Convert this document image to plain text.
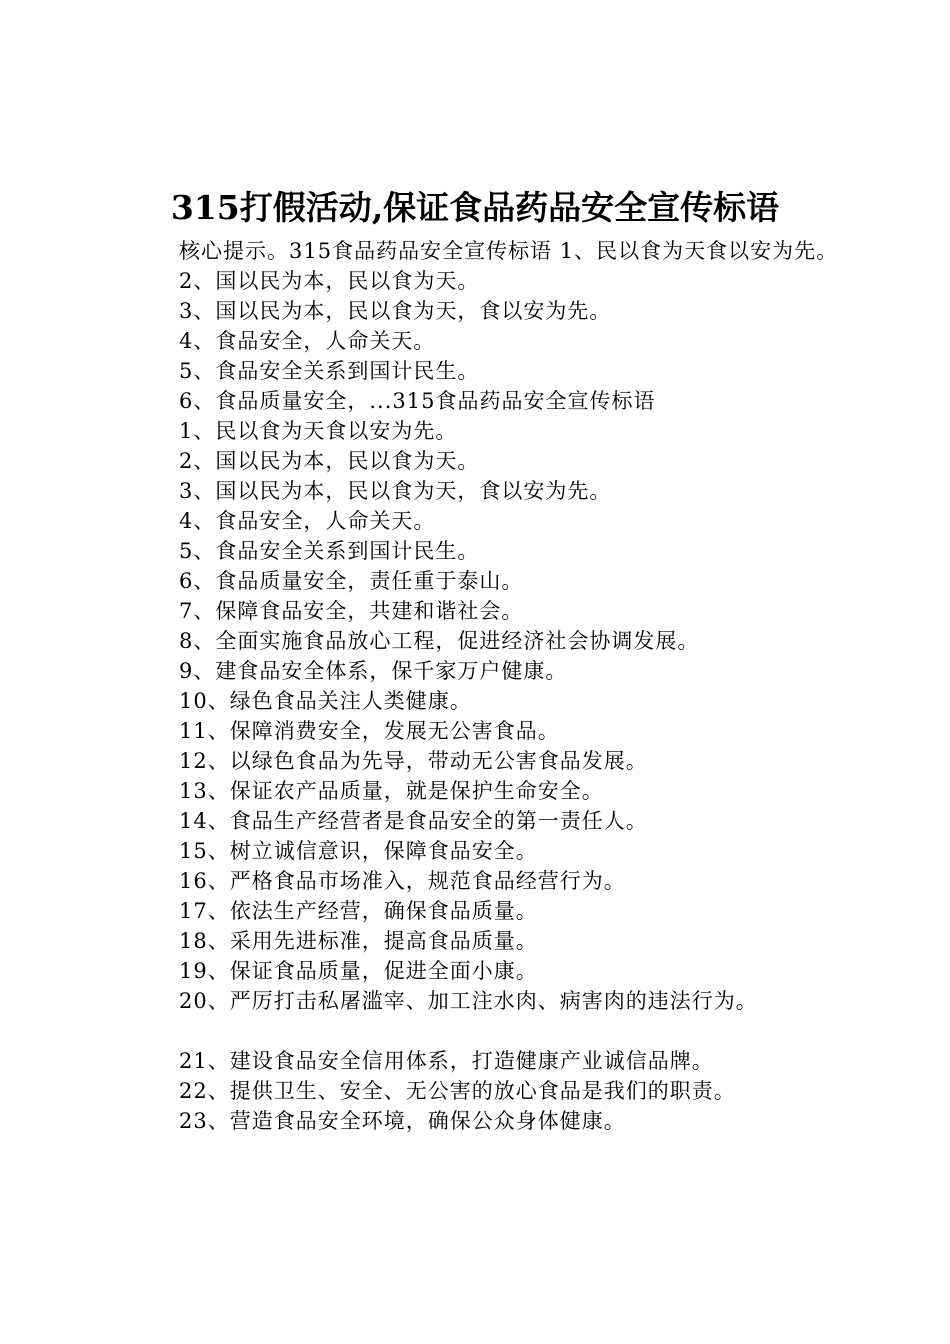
315打假活动,保证食品药品安全宣传标语

核心提示。315食品药品安全宣传标语 1、民以食为天食以安为先。

2、国以民为本，民以食为天。

3、国以民为本，民以食为天，食以安为先。

4、食品安全，人命关天。

5、食品安全关系到国计民生。

6、食品质量安全，...315食品药品安全宣传标语

1、民以食为天食以安为先。

2、国以民为本，民以食为天。

3、国以民为本，民以食为天，食以安为先。

4、食品安全，人命关天。

5、食品安全关系到国计民生。

6、食品质量安全，责任重于泰山。

7、保障食品安全，共建和谐社会。

8、全面实施食品放心工程，促进经济社会协调发展。

9、建食品安全体系，保千家万户健康。

10、绿色食品关注人类健康。

11、保障消费安全，发展无公害食品。

12、以绿色食品为先导，带动无公害食品发展。

13、保证农产品质量，就是保护生命安全。

14、食品生产经营者是食品安全的第一责任人。

15、树立诚信意识，保障食品安全。

16、严格食品市场准入，规范食品经营行为。

17、依法生产经营，确保食品质量。

18、采用先进标准，提高食品质量。

19、保证食品质量，促进全面小康。

20、严厉打击私屠滥宰、加工注水肉、病害肉的违法行为。

21、建设食品安全信用体系，打造健康产业诚信品牌。

22、提供卫生、安全、无公害的放心食品是我们的职责。

23、营造食品安全环境，确保公众身体健康。
